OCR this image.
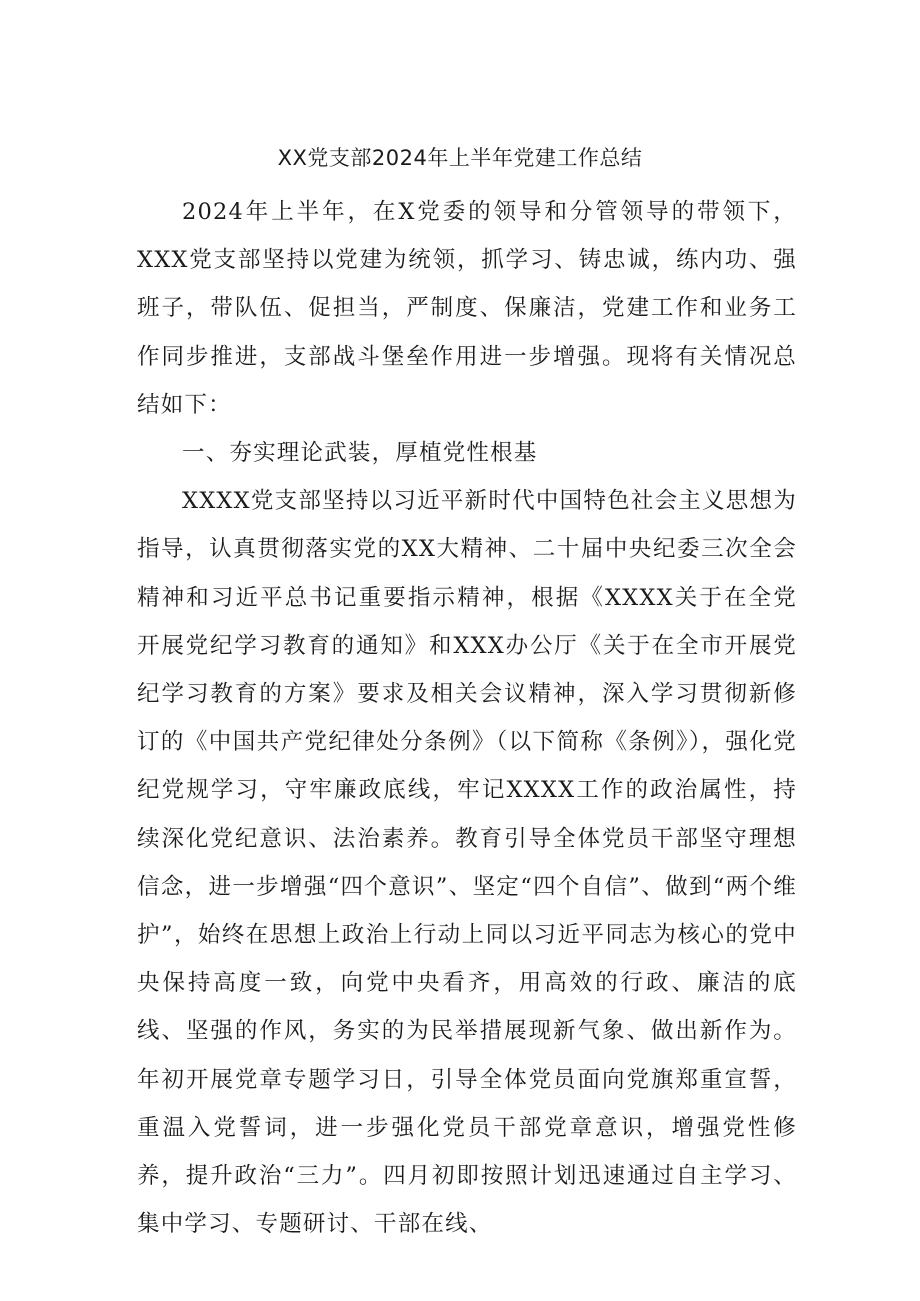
XX党支部2024年上半年党建工作总结

2024年上半年，在X党委的领导和分管领导的带领下，XXX党支部坚持以党建为统领，抓学习、铸忠诚，练内功、强班子，带队伍、促担当，严制度、保廉洁，党建工作和业务工作同步推进，支部战斗堡垒作用进一步增强。现将有关情况总结如下：

一、夯实理论武装，厚植党性根基

XXXX党支部坚持以习近平新时代中国特色社会主义思想为指导，认真贯彻落实党的XX大精神、二十届中央纪委三次全会精神和习近平总书记重要指示精神，根据《XXXX关于在全党开展党纪学习教育的通知》和XXX办公厅《关于在全市开展党纪学习教育的方案》要求及相关会议精神，深入学习贯彻新修订的《中国共产党纪律处分条例》（以下简称《条例》），强化党纪党规学习，守牢廉政底线，牢记XXXX工作的政治属性，持续深化党纪意识、法治素养。教育引导全体党员干部坚守理想信念，进一步增强“四个意识”、坚定“四个自信”、做到“两个维护”，始终在思想上政治上行动上同以习近平同志为核心的党中央保持高度一致，向党中央看齐，用高效的行政、廉洁的底线、坚强的作风，务实的为民举措展现新气象、做出新作为。年初开展党章专题学习日，引导全体党员面向党旗郑重宣誓，重温入党誓词，进一步强化党员干部党章意识，增强党性修养，提升政治“三力”。四月初即按照计划迅速通过自主学习、集中学习、专题研讨、干部在线、
